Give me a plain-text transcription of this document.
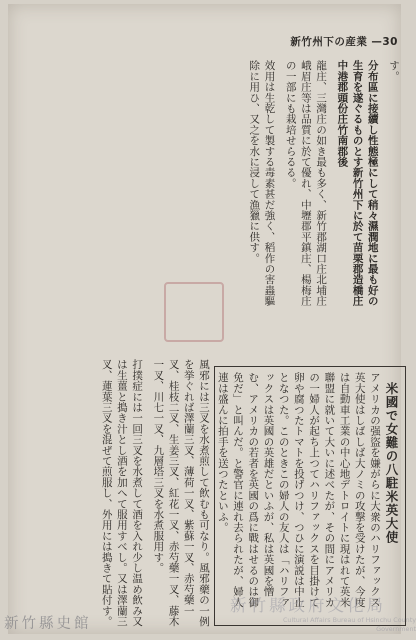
新竹州下の産業 —30

す。

分布區に接續し性態極にして稍々濕潤地に最も好の生育を遂ぐるものとす新竹州下に於て苗栗郡造橋庄中港郡頭份庄竹南郡後

龍庄、三灣庄の如き最も多く、新竹郡湖口庄北埔庄峨眉庄等は品質に於て優れ、中壢郡平鎮庄、楊梅庄の一部にも栽培せらるる。

效用は生乾して製する毒素甚だ強く、稻作の害蟲驅除に用ひ、又之を水に浸して漁獵に供す。

風邪には三叉を水煮煎して飲むも可なり。風邪藥の一例を挙ぐれば澤蘭三叉、薄荷一叉、紫蘇一叉、赤芍藥一叉、桂枝二叉、生姜三叉、紅花一叉、赤芍藥一叉、藤木一叉、川七一叉、九層塔三叉を水煮服用す。

打撲症には一回三叉を水煮して酒を入れ少し温め飲み又は生薑と搗き汁とし酒を加へて服用すべし。又は澤蘭三叉、蓮葉三叉を混ぜて煎服し、外用には搗きて貼付す。	米國で女難の八駐米英大使
アメリカの强盜を嫌がらに大衆のハリファックス英大使はしばしば大ノミの攻撃を受けたが、今度は自動車工業の中心地デトロイトに現はれて英米聯盟に就いて大いに述べたが、その間にアメリカの一婦人が起ち上つてハリファックスを目掛けて卵や腐つたトマトを投げつけ、つひに演説は中止となつた。このときこの婦人の友人は「ハリファックスは英國の英雄だといふが、私は英國を憎む、アメリカの若者を英國の爲に戰はせるのは御免だ」と叫んだ。と警官に連れ去られたが、婦人連は盛んに拍手を送つたといふ。
新竹縣政府文化局
Cultural Affairs Bureau of Hsinchu County Government
新竹縣史館
